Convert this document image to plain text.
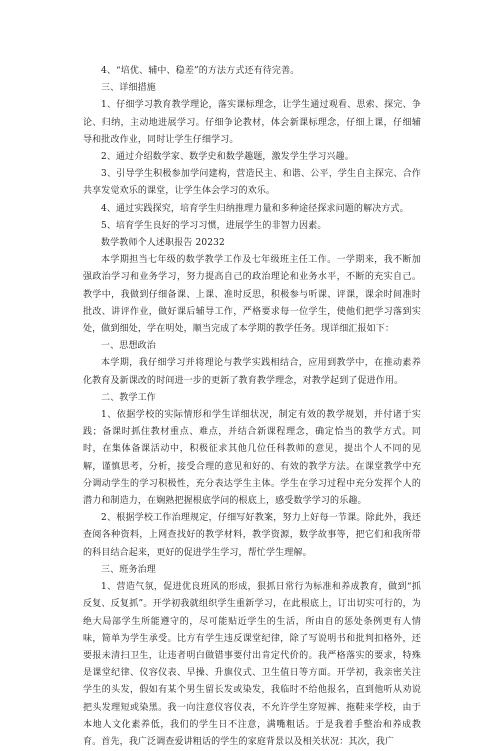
4、“培优、辅中、稳差”的方法方式还有待完善。

三、详细措施

1、仔细学习教育教学理论，落实课标理念，让学生通过观看、思索、探完、争论、归纳，主动地进展学习。仔细争论教材，体会新课标理念，仔细上课，仔细辅导和批改作业，同时让学生仔细学习。

2、通过介绍数学家、数学史和数学趣题，激发学生学习兴趣。

3、引导学生积极参加学问建构，营造民主、和谐、公平，学生自主探完、合作共享发觉欢乐的课堂，让学生体会学习的欢乐。

4、通过实践探究，培育学生归纳推理力量和多种途径探求问题的解决方式。

5、培育学生良好的学习习惯，进展学生的非智力因素。

数学教师个人述职报告 20232

本学期担当七年级的数学教学工作及七年级班主任工作。一学期来，我不断加强政治学习和业务学习，努力提高自己的政治理论和业务水平，不断的充实自己。教学中，我做到仔细备课、上课、准时反思，积极参与听课、评课，课余时间准时批改、讲评作业，做好课后辅导工作，严格要求每一位学生，使他们把学习落到实处，做到细处，学在明处，顺当完成了本学期的教学任务。现详细汇报如下：

一、思想政治

本学期，我仔细学习并将理论与教学实践相结合，应用到教学中，在推动素养化教育及新课改的时间进一步的更新了教育教学理念，对教学起到了促进作用。

二、教学工作

1、依据学校的实际情形和学生详细状况，制定有效的教学规划，并付诸于实践；备课时抓住教材重点、难点，并结合新课程理念，确定恰当的教学方式。同时，在集体备课活动中，积极征求其他几位任科教师的意见，提出个人不同的见解，谨慎思考，分析，接受合理的意见和好的、有效的教学方法。在课堂教学中充分调动学生的学习积极性，充分表达学生主体。学生在学习过程中充分发挥个人的潜力和制造力，在娴熟把握根底学问的根底上，感受数学学习的乐趣。

2、根据学校工作治理规定，仔细写好教案，努力上好每一节课。除此外，我还查阅各种资料，上网查找好的教学材料，教学资源，数学故事等，把它们和我所带的科目结合起来，更好的促进学生学习，帮忙学生理解。

三、班务治理

1、营造气氛，促进优良班风的形成，狠抓日常行为标准和养成教育，做到“抓反复、反复抓”。开学初我就组织学生重新学习，在此根底上，订出切实可行的，为绝大局部学生所能遵守的，尽可能贴近学生的生活，所由自的惩处条例更有人情味，简单为学生承受。比方有学生违反课堂纪律，除了写说明书和批判扣格外，还要报未清扫卫生，让违者明白做错事要付出肯定代价的。我严格落实的要求，特殊是课堂纪律、仪容仪表、早操、升旗仪式、卫生值日等方面。开学初，我亲密关注学生的头发，假如有某个男生留长发或染发，我临时不给他报名，直到他听从劝说把头发理短或染黑。我一向注意仪容仪表，不允许学生穿短裤、拖鞋来学校，由于本地人文化素养低，我们的学生日不注意，满嘴粗话。于是我着手整治和养成教育。首先，我广泛调查爱讲粗话的学生的家庭背景以及相关状况：其次，我广
